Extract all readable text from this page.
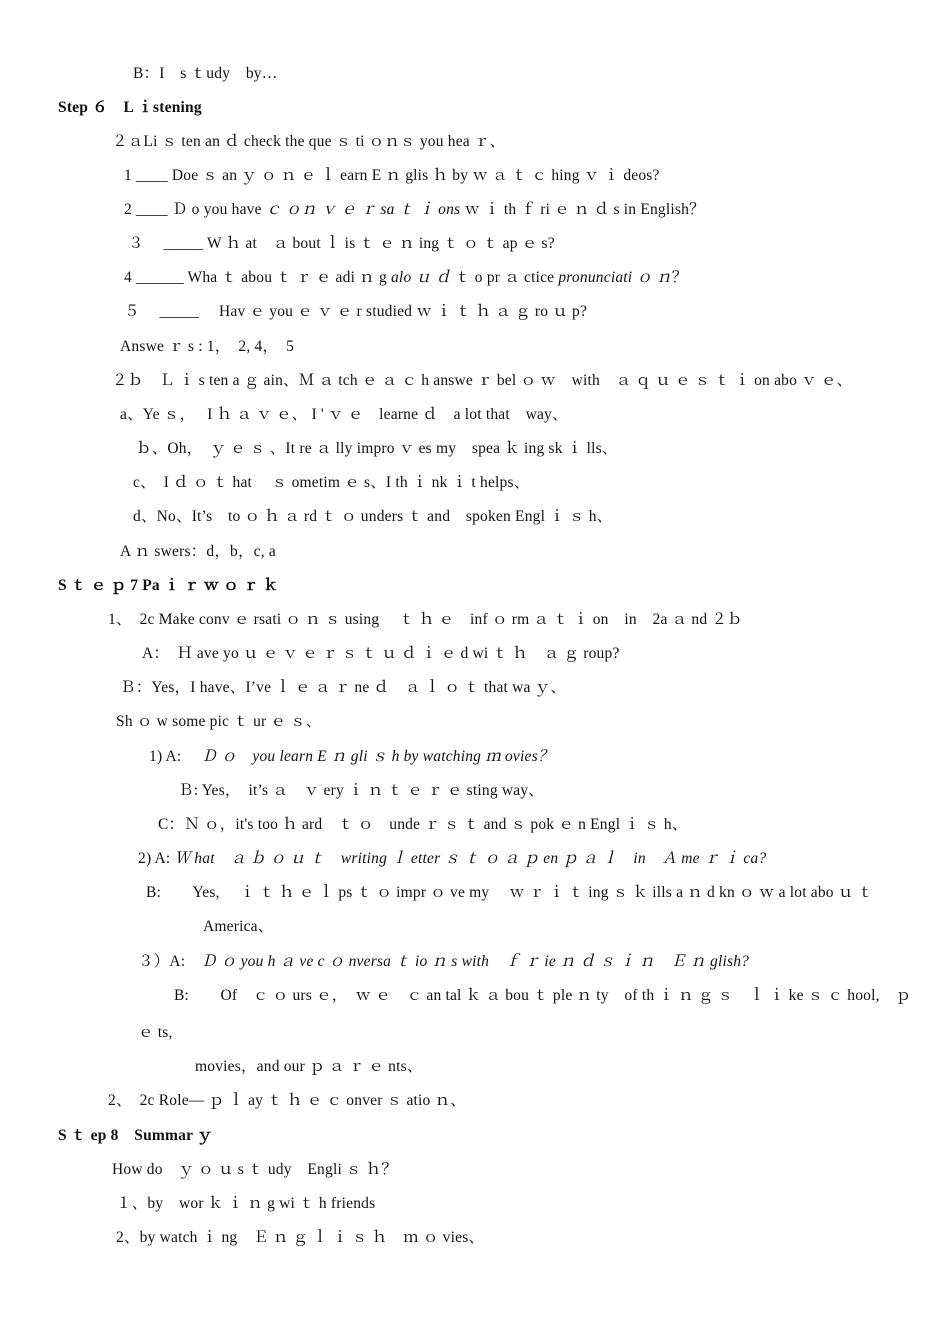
B：I　s ｔudy　by…
Step ６　L ｉstening
２ａLi ｓ ten an ｄ check the que ｓ ti ｏｎｓ you hea ｒ、
1 ____ Doe ｓ an ｙ ｏ ｎ ｅ ｌ earn E ｎ glis ｈ by ｗ ａ ｔ ｃ hing ｖ ｉ deos?
2 ____ Ｄ o you have ｃ ｏｎ ｖ ｅ ｒ sa ｔ ｉ ons ｗ ｉ th ｆ ri ｅ ｎ ｄ s in English？
３　 _____ W ｈ at　ａ bout ｌ is ｔ ｅ ｎ ing ｔ ｏ ｔ ap ｅ s?
4 ______ Wha ｔ abou ｔ ｒ ｅ adi ｎ g alo ｕ ｄ ｔ o pr ａ ctice pronunciati ｏ ｎ？
５　 _____　 Hav ｅ you ｅ ｖ ｅ r studied ｗ ｉ ｔ ｈ ａ ｇ ro ｕ p?
Answe ｒ s : 1，　2, 4，　5
２ｂ　Ｌ ｉ s ten a ｇ ain、Ｍ ａ tch ｅ ａ ｃ h answe ｒ bel ｏ ｗ　with　ａ ｑ ｕ ｅ ｓ ｔ ｉ on abo ｖ ｅ、
a、Ye ｓ，　 I ｈ ａ ｖ ｅ、 I ' ｖ ｅ　learne ｄ　a lot that　way、
ｂ、Oh，　ｙ ｅ ｓ 、It re ａ lly impro ｖ es my　spea ｋ ing sk ｉ lls、
c、　I ｄ ｏ ｔ hat　 ｓ ometim ｅ s、I th ｉ nk ｉ t helps、
d、No、It’s　to ｏ ｈ ａ rd ｔ ｏ unders ｔ and　spoken Engl ｉ ｓ h、
A ｎ swers：d，b，c, a
S ｔ ｅ ｐ 7 Pa ｉ ｒ ｗ ｏ ｒ ｋ
1、　2c Make conv ｅ rsati ｏ ｎ ｓ using　 ｔ ｈ ｅ　inf ｏ rm ａ ｔ ｉ on　in　2a ａ nd ２ｂ
A：　Ｈ ave yo ｕ ｅ ｖ ｅ ｒ ｓ ｔ ｕ ｄ ｉ ｅ d wi ｔ ｈ　ａ ｇ roup?
Ｂ：Yes，I have、I’ve ｌ ｅ ａ ｒ ne ｄ　ａ ｌ ｏ ｔ that wa ｙ、
Sh ｏ w some pic ｔ ur ｅ ｓ、
1) A:　 Ｄ ｏ　you learn E ｎ gli ｓ h by watching ｍ ovies？
Ｂ: Yes，　it’s ａ　ｖ ery ｉ ｎ ｔ ｅ ｒ ｅ sting way、
C：Ｎ ｏ，it's too ｈ ard　ｔ ｏ　unde ｒ ｓ ｔ and ｓ pok ｅ n Engl ｉ ｓ h、
2) A: Ｗ hat　ａ ｂ ｏ ｕ ｔ　writing ｌ etter ｓ ｔ ｏ ａ ｐ en ｐ ａ ｌ　in　Ａ me ｒ ｉ ca?
B:　　Yes,　 ｉ ｔ ｈ ｅ ｌ ps ｔ ｏ impr ｏ ve my　 ｗ ｒ ｉ ｔ ing ｓ ｋ ills a ｎ d kn ｏ ｗ a lot abo ｕ ｔ
America、
３）A:　Ｄ ｏ you h ａ ve c ｏ nversa ｔ io ｎ s with　ｆ ｒ ie ｎ ｄ ｓ ｉ ｎ　Ｅ ｎ glish?
B:　　Of　ｃ ｏ urs ｅ，　ｗ ｅ　ｃ an tal ｋ ａ bou ｔ ple ｎ ty　of th ｉ ｎ ｇ ｓ　ｌ ｉ ke ｓ ｃ hool,　ｐ
ｅ ts,
movies，and our ｐ ａ ｒ ｅ nts、
2、　2c Role— ｐ ｌ ay ｔ ｈ ｅ ｃ onver ｓ atio ｎ、
S ｔ ep 8　Summar ｙ
How do　ｙ ｏ ｕ s ｔ udy　Engli ｓ ｈ？
１、by　wor ｋ ｉ ｎ g wi ｔ h friends
2、by watch ｉ ng　Ｅ ｎ ｇ ｌ ｉ ｓ ｈ　ｍ ｏ vies、
